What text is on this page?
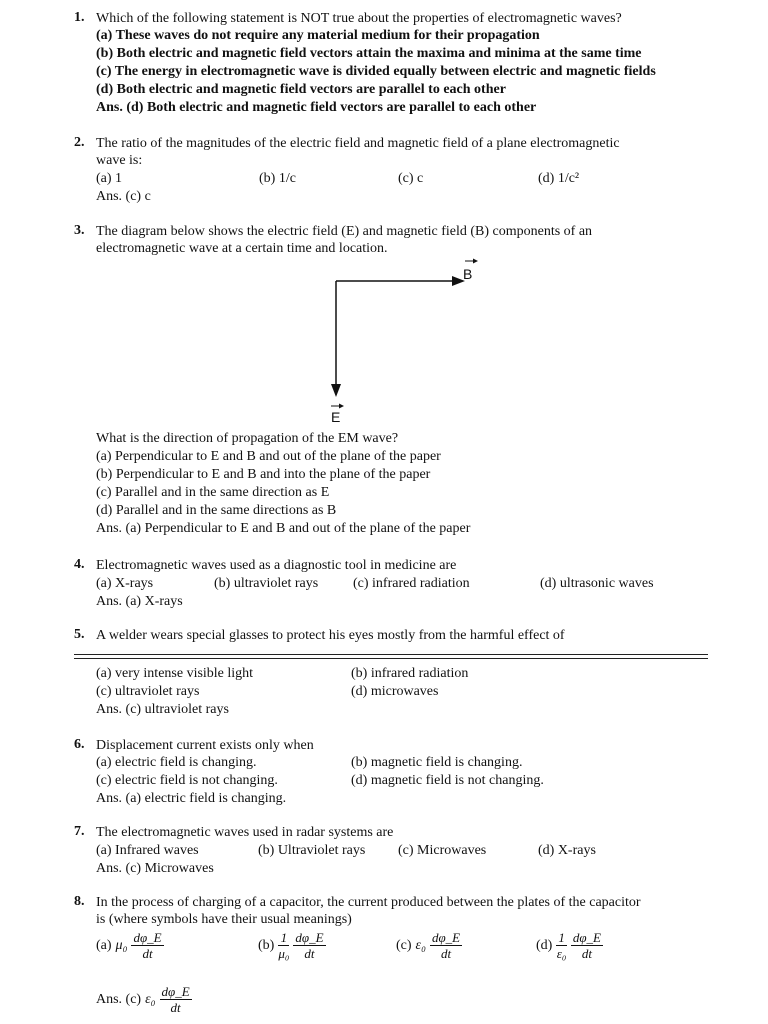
1. Which of the following statement is NOT true about the properties of electromagnetic waves?
(a) These waves do not require any material medium for their propagation
(b) Both electric and magnetic field vectors attain the maxima and minima at the same time
(c) The energy in electromagnetic wave is divided equally between electric and magnetic fields
(d) Both electric and magnetic field vectors are parallel to each other
Ans. (d) Both electric and magnetic field vectors are parallel to each other
2. The ratio of the magnitudes of the electric field and magnetic field of a plane electromagnetic
wave is:
(a) 1	(b) 1/c	(c) c	(d) 1/c²
Ans. (c) c
3. The diagram below shows the electric field (E) and magnetic field (B) components of an
electromagnetic wave at a certain time and location.
B
E
What is the direction of propagation of the EM wave?
(a) Perpendicular to E and B and out of the plane of the paper
(b) Perpendicular to E and B and into the plane of the paper
(c) Parallel and in the same direction as E
(d) Parallel and in the same directions as B
Ans. (a) Perpendicular to E and B and out of the plane of the paper
4. Electromagnetic waves used as a diagnostic tool in medicine are
(a) X-rays	(b) ultraviolet rays (c) infrared radiation	(d) ultrasonic waves
Ans. (a) X-rays
5. A welder wears special glasses to protect his eyes mostly from the harmful effect of
(a) very intense visible light	(b) infrared radiation
(c) ultraviolet rays	(d) microwaves
Ans. (c) ultraviolet rays
6. Displacement current exists only when
(a) electric field is changing.	(b) magnetic field is changing.
(c) electric field is not changing.	(d) magnetic field is not changing.
Ans. (a) electric field is changing.
7. The electromagnetic waves used in radar systems are
(a) Infrared waves	(b) Ultraviolet rays (c) Microwaves	(d) X-rays
Ans. (c) Microwaves
8. In the process of charging of a capacitor, the current produced between the plates of the capacitor
is (where symbols have their usual meanings)
(a) $\mu_0 \frac{d\varphi\_E}{dt}$	$(b) \frac{1}{\text{μ₀}} \frac{d\varphi\_E}{dt}$	(c) $\varepsilon_0 \frac{d\varphi\_E}{dt}$	$(d) \frac{1}{\text{ε₀}} \frac{d\varphi\_E}{dt}$
Ans. (c) $\varepsilon_0 \frac{d\varphi\_E}{dt}$
